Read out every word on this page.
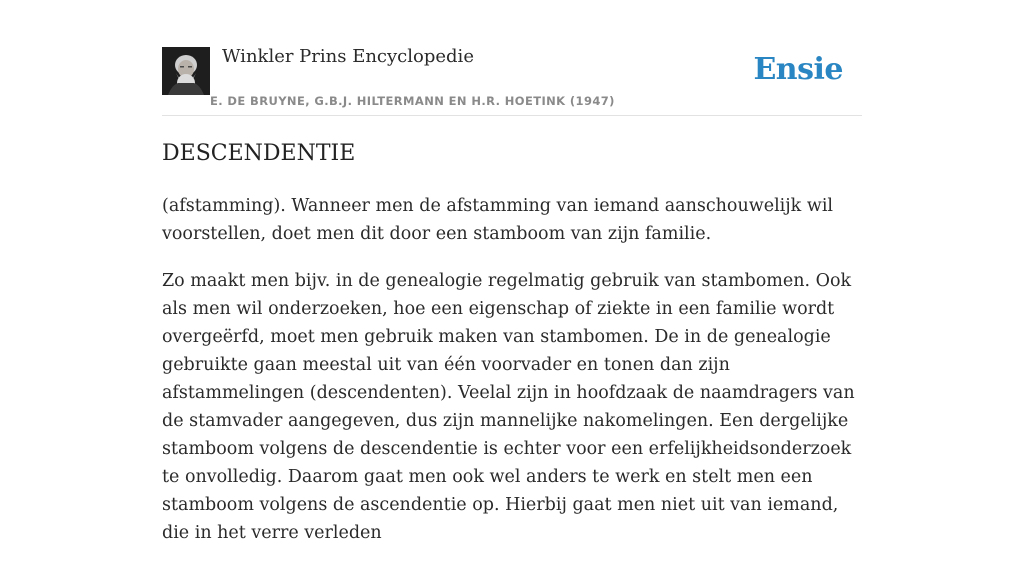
Winkler Prins Encyclopedie
E. DE BRUYNE, G.B.J. HILTERMANN EN H.R. HOETINK (1947)
Ensie
DESCENDENTIE

(afstamming). Wanneer men de afstamming van iemand aanschouwelijk wil voorstellen, doet men dit door een stamboom van zijn familie.

Zo maakt men bijv. in de genealogie regelmatig gebruik van stambomen. Ook als men wil onderzoeken, hoe een eigenschap of ziekte in een familie wordt overgeërfd, moet men gebruik maken van stambomen. De in de genealogie gebruikte gaan meestal uit van één voorvader en tonen dan zijn afstammelingen (descendenten). Veelal zijn in hoofdzaak de naamdragers van de stamvader aangegeven, dus zijn mannelijke nakomelingen. Een dergelijke stamboom volgens de descendentie is echter voor een erfelijkheidsonderzoek te onvolledig. Daarom gaat men ook wel anders te werk en stelt men een stamboom volgens de ascendentie op. Hierbij gaat men niet uit van iemand, die in het verre verleden
